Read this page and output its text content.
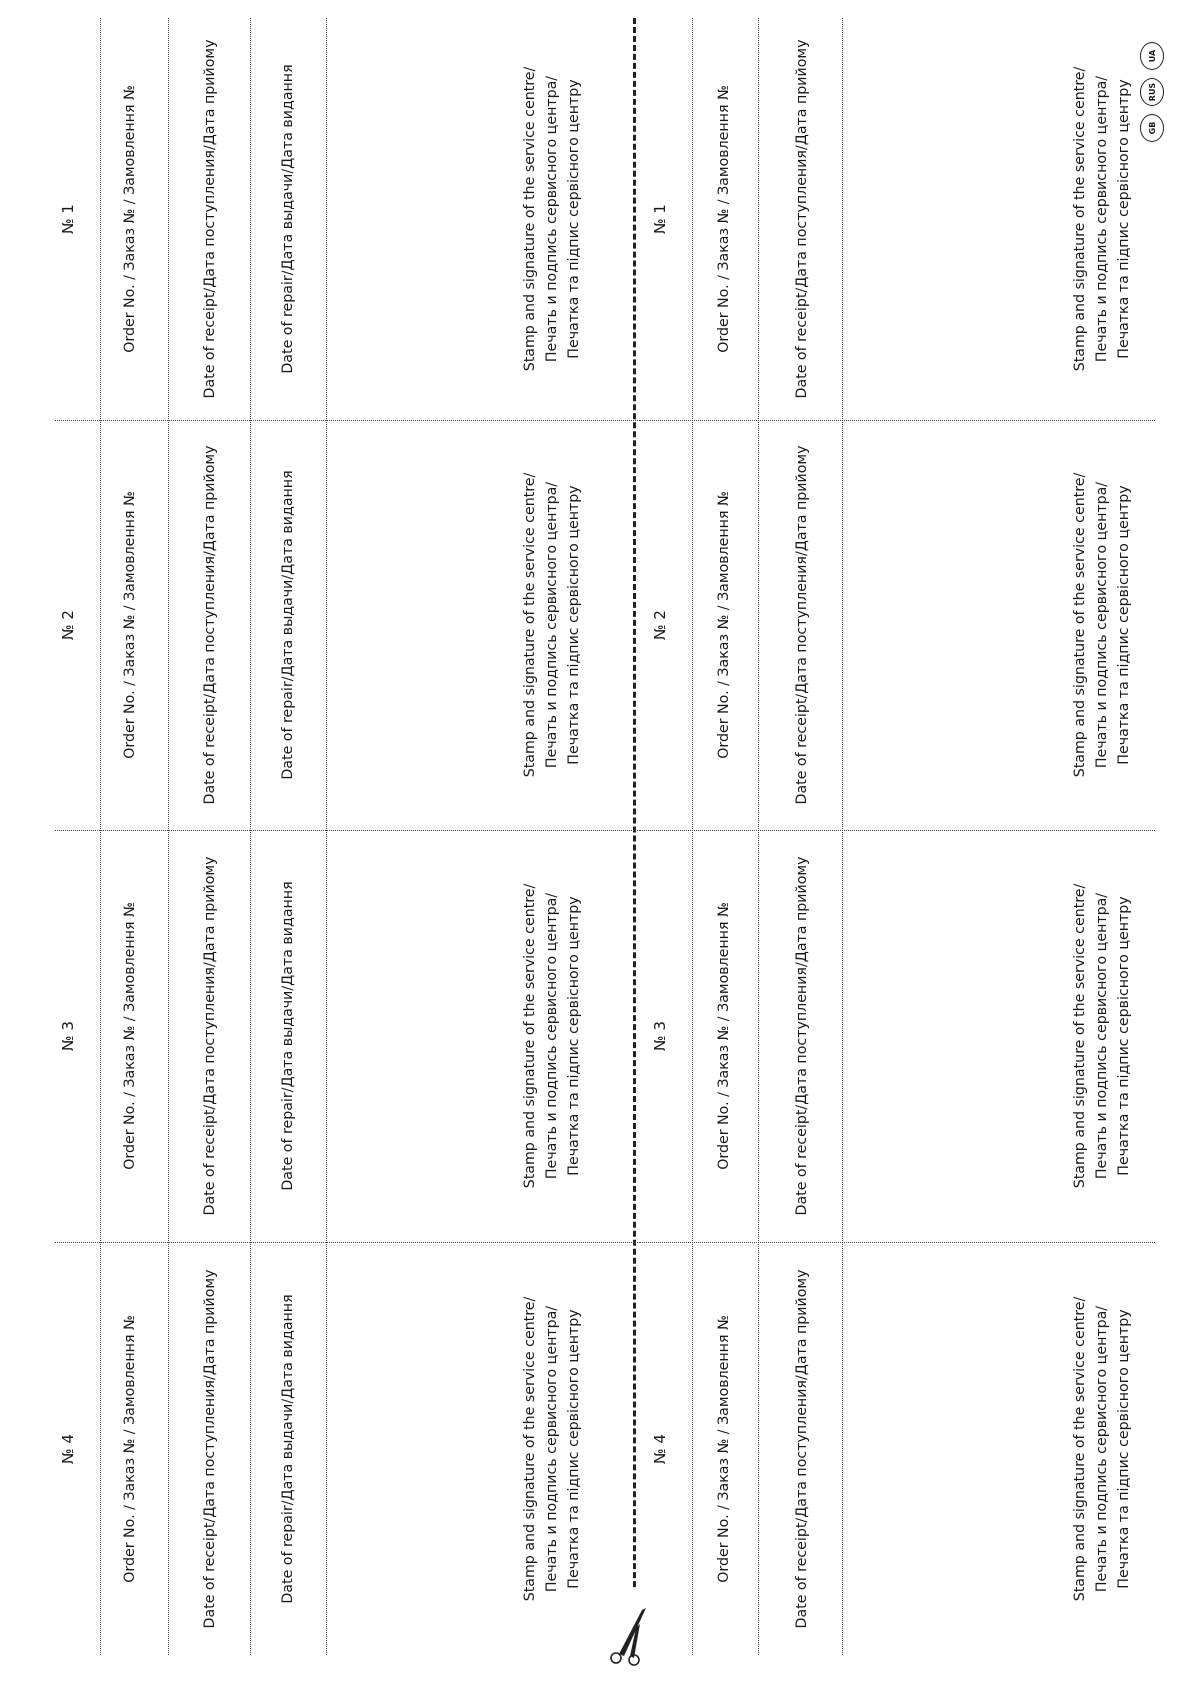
GB
RUS
UA
№ 1	Order No. / Заказ № / Замовлення №	Date of receipt/Дата поступления/Дата прийому	Date of repair/Дата выдачи/Дата видання	Stamp and signature of the service centre/ Печать и подпись сервисного центра/ Печатка та підпис сервісного центру
№ 2	Order No. / Заказ № / Замовлення №	Date of receipt/Дата поступления/Дата прийому	Date of repair/Дата выдачи/Дата видання	Stamp and signature of the service centre/ Печать и подпись сервисного центра/ Печатка та підпис сервісного центру
№ 3	Order No. / Заказ № / Замовлення №	Date of receipt/Дата поступления/Дата прийому	Date of repair/Дата выдачи/Дата видання	Stamp and signature of the service centre/ Печать и подпись сервисного центра/ Печатка та підпис сервісного центру
№ 4	Order No. / Заказ № / Замовлення №	Date of receipt/Дата поступления/Дата прийому	Date of repair/Дата выдачи/Дата видання	Stamp and signature of the service centre/ Печать и подпись сервисного центра/ Печатка та підпис сервісного центру
№ 1	Order No. / Заказ № / Замовлення №	Date of receipt/Дата поступления/Дата прийому	Stamp and signature of the service centre/ Печать и подпись сервисного центра/ Печатка та підпис сервісного центру
№ 2	Order No. / Заказ № / Замовлення №	Date of receipt/Дата поступления/Дата прийому	Stamp and signature of the service centre/ Печать и подпись сервисного центра/ Печатка та підпис сервісного центру
№ 3	Order No. / Заказ № / Замовлення №	Date of receipt/Дата поступления/Дата прийому	Stamp and signature of the service centre/ Печать и подпись сервисного центра/ Печатка та підпис сервісного центру
№ 4	Order No. / Заказ № / Замовлення №	Date of receipt/Дата поступления/Дата прийому	Stamp and signature of the service centre/ Печать и подпись сервисного центра/ Печатка та підпис сервісного центру
